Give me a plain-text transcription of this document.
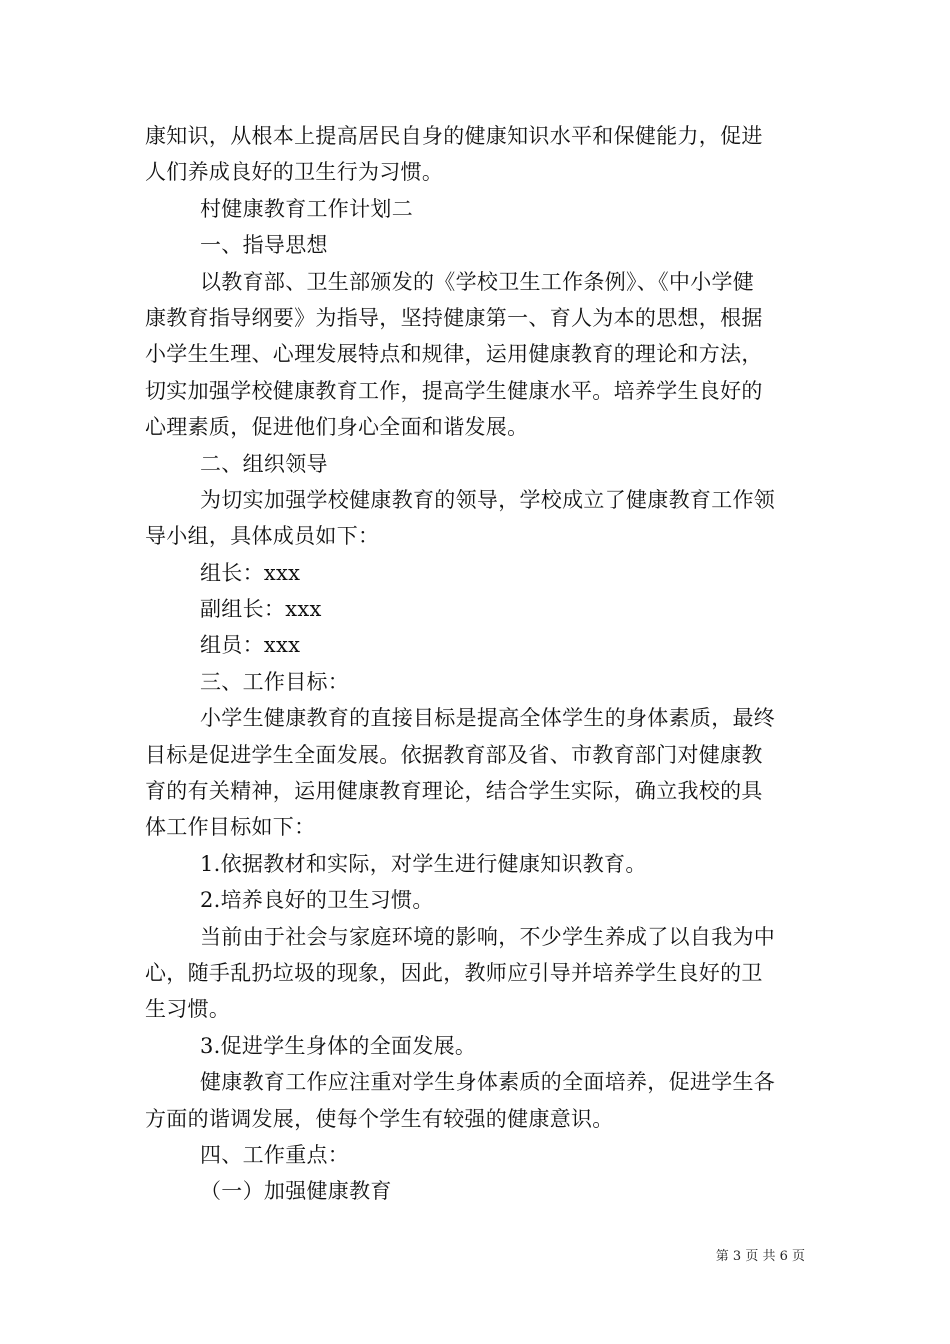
康知识，从根本上提高居民自身的健康知识水平和保健能力，促进
人们养成良好的卫生行为习惯。
村健康教育工作计划二
一、指导思想
以教育部、卫生部颁发的《学校卫生工作条例》、《中小学健
康教育指导纲要》为指导，坚持健康第一、育人为本的思想，根据
小学生生理、心理发展特点和规律，运用健康教育的理论和方法，
切实加强学校健康教育工作，提高学生健康水平。培养学生良好的
心理素质，促进他们身心全面和谐发展。
二、组织领导
为切实加强学校健康教育的领导，学校成立了健康教育工作领
导小组，具体成员如下：
组长：xxx
副组长：xxx
组员：xxx
三、工作目标：
小学生健康教育的直接目标是提高全体学生的身体素质，最终
目标是促进学生全面发展。依据教育部及省、市教育部门对健康教
育的有关精神，运用健康教育理论，结合学生实际，确立我校的具
体工作目标如下：
1.依据教材和实际，对学生进行健康知识教育。
2.培养良好的卫生习惯。
当前由于社会与家庭环境的影响，不少学生养成了以自我为中
心，随手乱扔垃圾的现象，因此，教师应引导并培养学生良好的卫
生习惯。
3.促进学生身体的全面发展。
健康教育工作应注重对学生身体素质的全面培养，促进学生各
方面的谐调发展，使每个学生有较强的健康意识。
四、工作重点：
（一）加强健康教育
第 3 页 共 6 页
